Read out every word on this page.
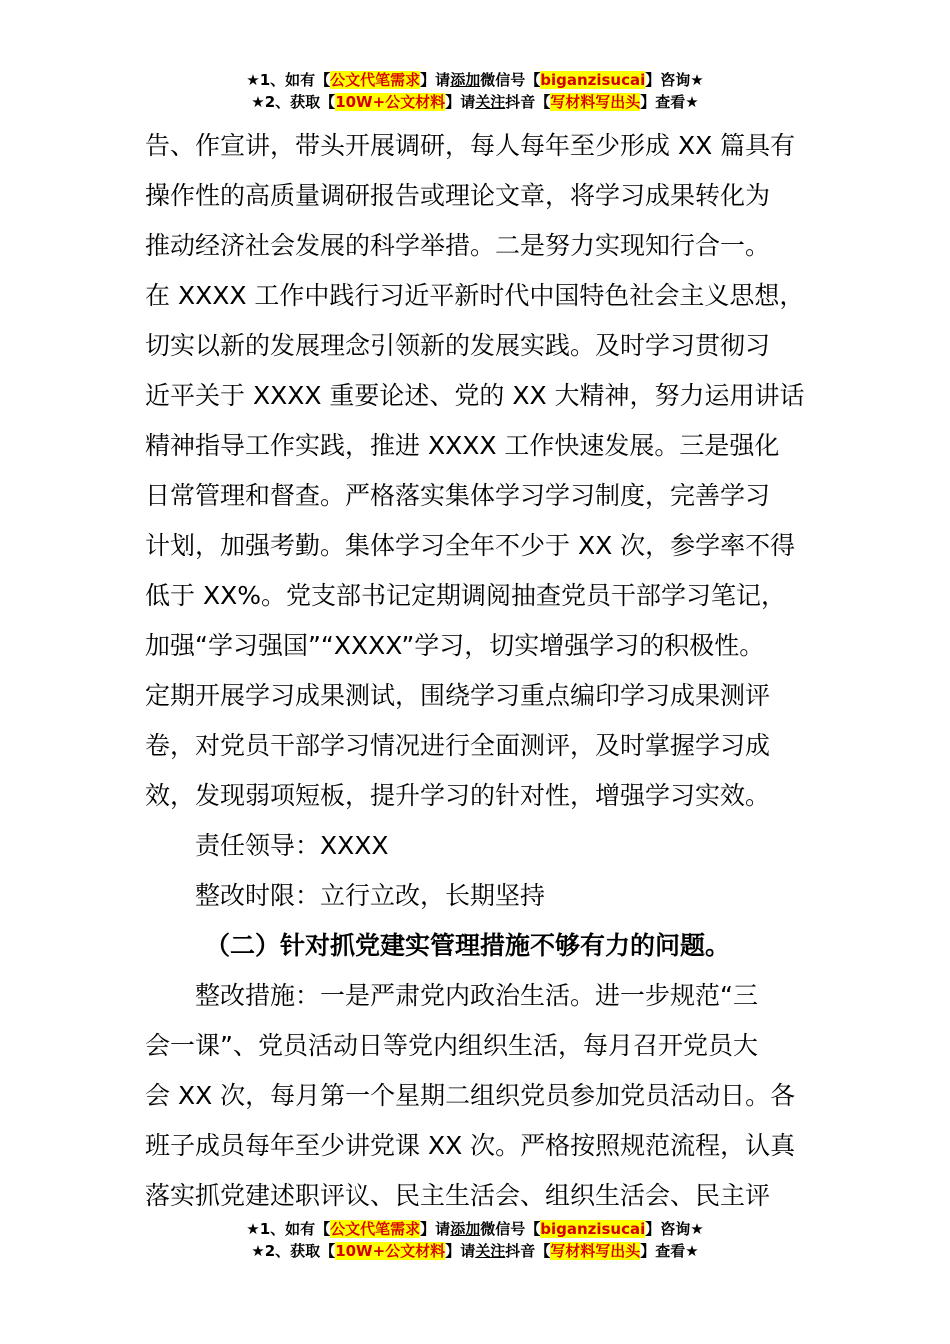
★1、如有【公文代笔需求】请添加微信号【biganzisucai】咨询★
★2、获取【10W+公文材料】请关注抖音【写材料写出头】查看★
告、作宣讲，带头开展调研，每人每年至少形成 XX 篇具有
操作性的高质量调研报告或理论文章，将学习成果转化为
推动经济社会发展的科学举措。二是努力实现知行合一。
在 XXXX 工作中践行习近平新时代中国特色社会主义思想，
切实以新的发展理念引领新的发展实践。及时学习贯彻习
近平关于 XXXX 重要论述、党的 XX 大精神，努力运用讲话
精神指导工作实践，推进 XXXX 工作快速发展。三是强化
日常管理和督查。严格落实集体学习学习制度，完善学习
计划，加强考勤。集体学习全年不少于 XX 次，参学率不得
低于 XX%。党支部书记定期调阅抽查党员干部学习笔记，
加强“学习强国”“XXXX”学习，切实增强学习的积极性。
定期开展学习成果测试，围绕学习重点编印学习成果测评
卷，对党员干部学习情况进行全面测评，及时掌握学习成
效，发现弱项短板，提升学习的针对性，增强学习实效。
责任领导：XXXX
整改时限：立行立改，长期坚持
（二）针对抓党建实管理措施不够有力的问题。
整改措施：一是严肃党内政治生活。进一步规范“三
会一课”、党员活动日等党内组织生活，每月召开党员大
会 XX 次，每月第一个星期二组织党员参加党员活动日。各
班子成员每年至少讲党课 XX 次。严格按照规范流程，认真
落实抓党建述职评议、民主生活会、组织生活会、民主评
★1、如有【公文代笔需求】请添加微信号【biganzisucai】咨询★
★2、获取【10W+公文材料】请关注抖音【写材料写出头】查看★
